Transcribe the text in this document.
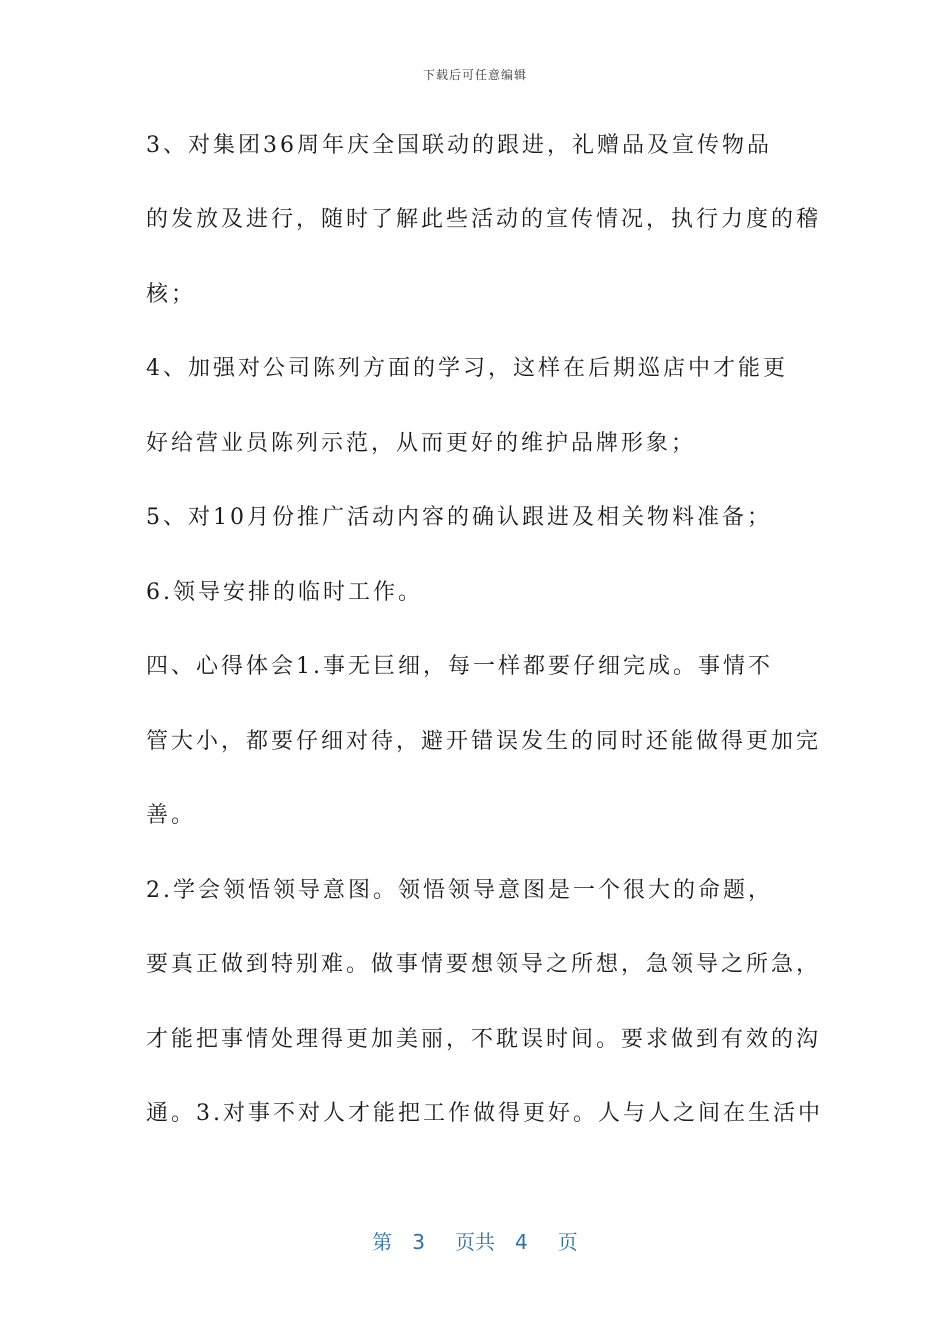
下载后可任意编辑

3、对集团36周年庆全国联动的跟进，礼赠品及宣传物品

的发放及进行，随时了解此些活动的宣传情况，执行力度的稽

核；

4、加强对公司陈列方面的学习，这样在后期巡店中才能更

好给营业员陈列示范，从而更好的维护品牌形象；

5、对10月份推广活动内容的确认跟进及相关物料准备；

6.领导安排的临时工作。

四、心得体会1.事无巨细，每一样都要仔细完成。事情不

管大小，都要仔细对待，避开错误发生的同时还能做得更加完

善。

2.学会领悟领导意图。领悟领导意图是一个很大的命题，

要真正做到特别难。做事情要想领导之所想，急领导之所急，

才能把事情处理得更加美丽，不耽误时间。要求做到有效的沟

通。3.对事不对人才能把工作做得更好。人与人之间在生活中

第 3 页共 4 页
